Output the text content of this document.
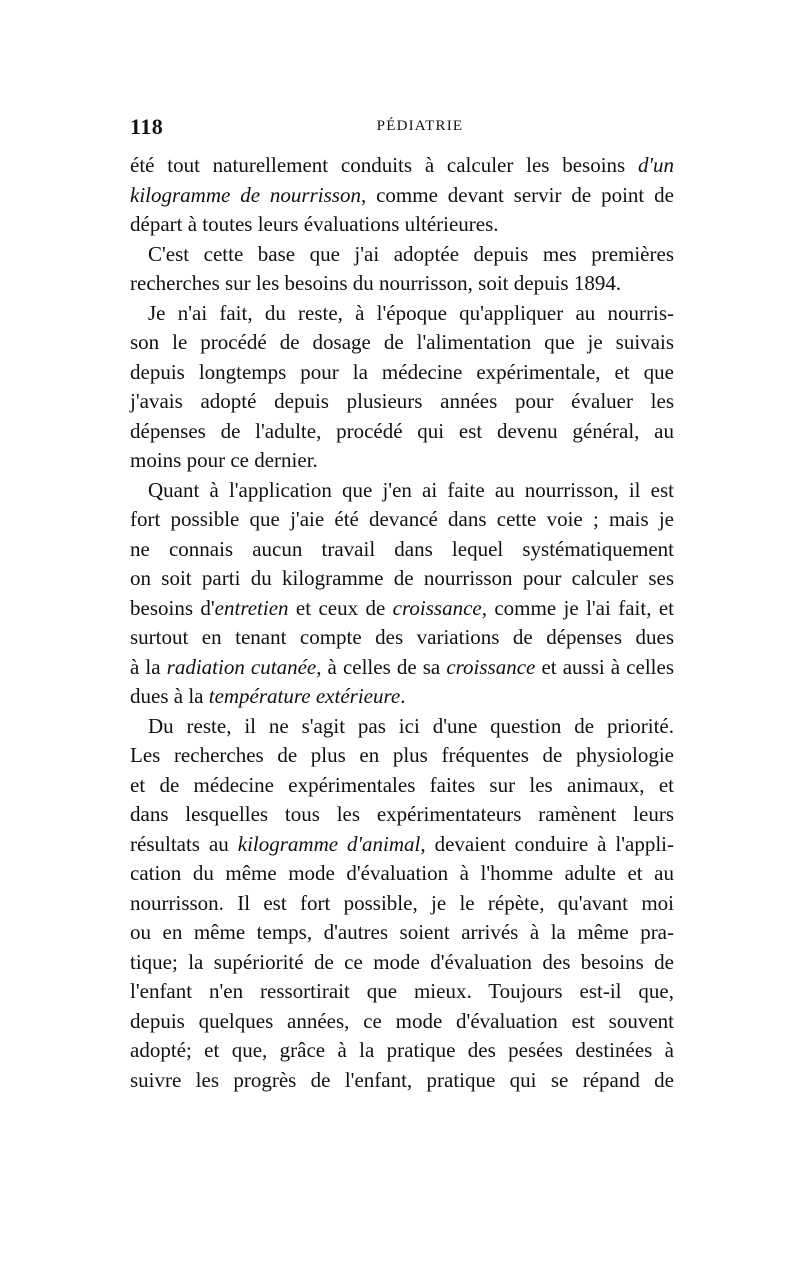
118	PÉDIATRIE
été tout naturellement conduits à calculer les besoins d'un
kilogramme de nourrisson, comme devant servir de point de
départ à toutes leurs évaluations ultérieures.
C'est cette base que j'ai adoptée depuis mes premières
recherches sur les besoins du nourrisson, soit depuis 1894.
Je n'ai fait, du reste, à l'époque qu'appliquer au nourris-
son le procédé de dosage de l'alimentation que je suivais
depuis longtemps pour la médecine expérimentale, et que
j'avais adopté depuis plusieurs années pour évaluer les
dépenses de l'adulte, procédé qui est devenu général, au
moins pour ce dernier.
Quant à l'application que j'en ai faite au nourrisson, il est
fort possible que j'aie été devancé dans cette voie ; mais je
ne connais aucun travail dans lequel systématiquement
on soit parti du kilogramme de nourrisson pour calculer ses
besoins d'entretien et ceux de croissance, comme je l'ai fait, et
surtout en tenant compte des variations de dépenses dues
à la radiation cutanée, à celles de sa croissance et aussi à celles
dues à la température extérieure.
Du reste, il ne s'agit pas ici d'une question de priorité.
Les recherches de plus en plus fréquentes de physiologie
et de médecine expérimentales faites sur les animaux, et
dans lesquelles tous les expérimentateurs ramènent leurs
résultats au kilogramme d'animal, devaient conduire à l'appli-
cation du même mode d'évaluation à l'homme adulte et au
nourrisson. Il est fort possible, je le répète, qu'avant moi
ou en même temps, d'autres soient arrivés à la même pra-
tique; la supériorité de ce mode d'évaluation des besoins de
l'enfant n'en ressortirait que mieux. Toujours est-il que,
depuis quelques années, ce mode d'évaluation est souvent
adopté; et que, grâce à la pratique des pesées destinées à
suivre les progrès de l'enfant, pratique qui se répand de
